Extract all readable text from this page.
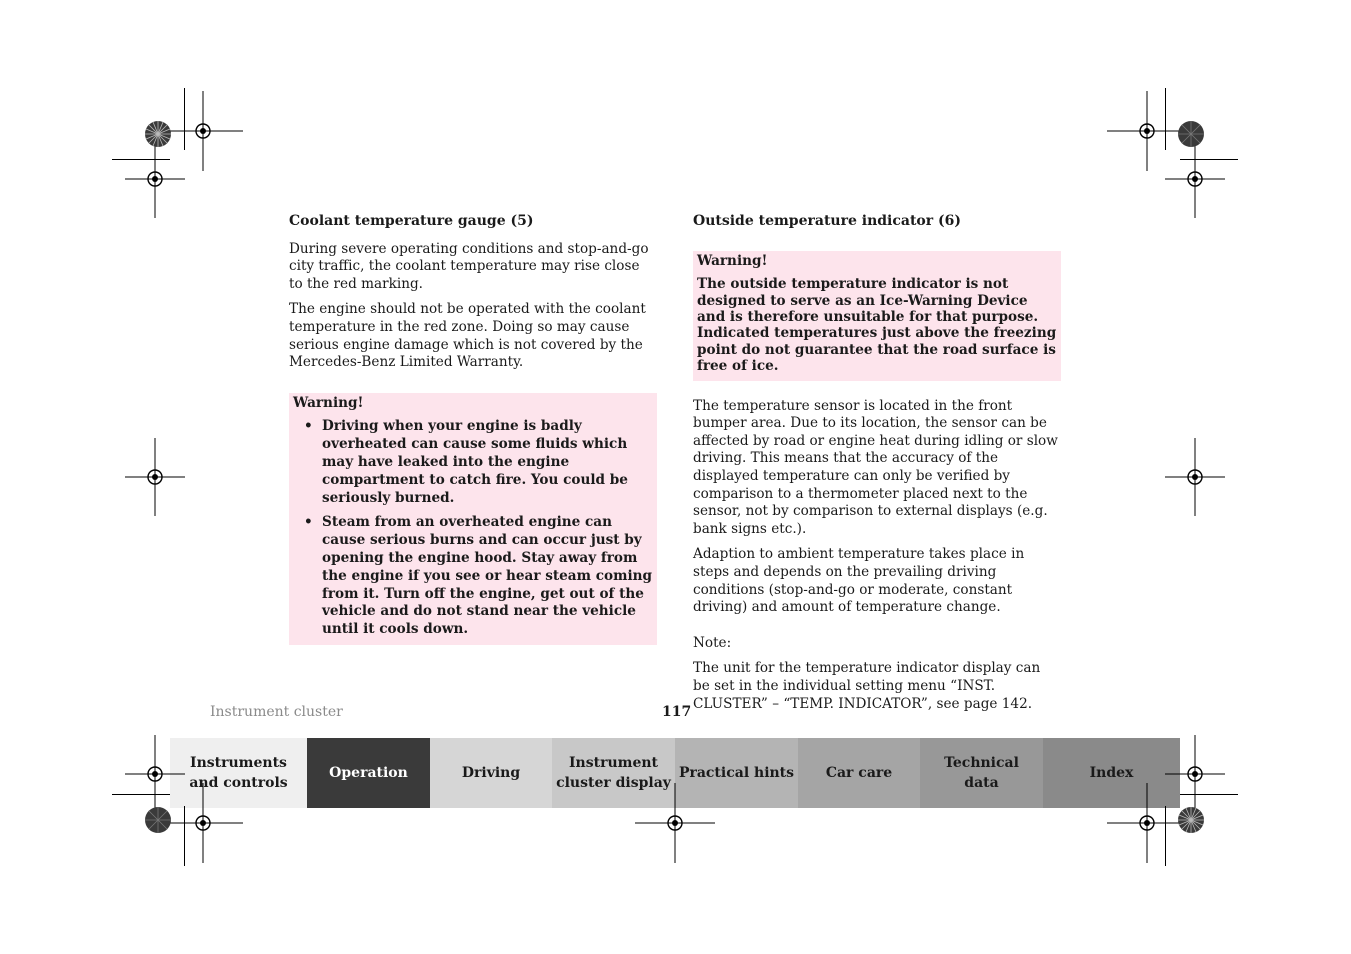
Coolant temperature gauge (5)

During severe operating conditions and stop-and-go city traffic, the coolant temperature may rise close to the red marking.

The engine should not be operated with the coolant temperature in the red zone. Doing so may cause serious engine damage which is not covered by the Mercedes-Benz Limited Warranty.

Warning!

• Driving when your engine is badly overheated can cause some fluids which may have leaked into the engine compartment to catch fire. You could be seriously burned.
• Steam from an overheated engine can cause serious burns and can occur just by opening the engine hood. Stay away from the engine if you see or hear steam coming from it. Turn off the engine, get out of the vehicle and do not stand near the vehicle until it cools down.

Outside temperature indicator (6)

Warning!

The outside temperature indicator is not designed to serve as an Ice-Warning Device and is therefore unsuitable for that purpose. Indicated temperatures just above the freezing point do not guarantee that the road surface is free of ice.

The temperature sensor is located in the front bumper area. Due to its location, the sensor can be affected by road or engine heat during idling or slow driving. This means that the accuracy of the displayed temperature can only be verified by comparison to a thermometer placed next to the sensor, not by comparison to external displays (e.g. bank signs etc.).

Adaption to ambient temperature takes place in steps and depends on the prevailing driving conditions (stop-and-go or moderate, constant driving) and amount of temperature change.

Note:

The unit for the temperature indicator display can be set in the individual setting menu “INST. CLUSTER” – “TEMP. INDICATOR”, see page 142.

Instrument cluster	117
Instruments
and controls
Operation	Driving
Instrument
cluster display
Practical hints Car care
Technical
data
Index
